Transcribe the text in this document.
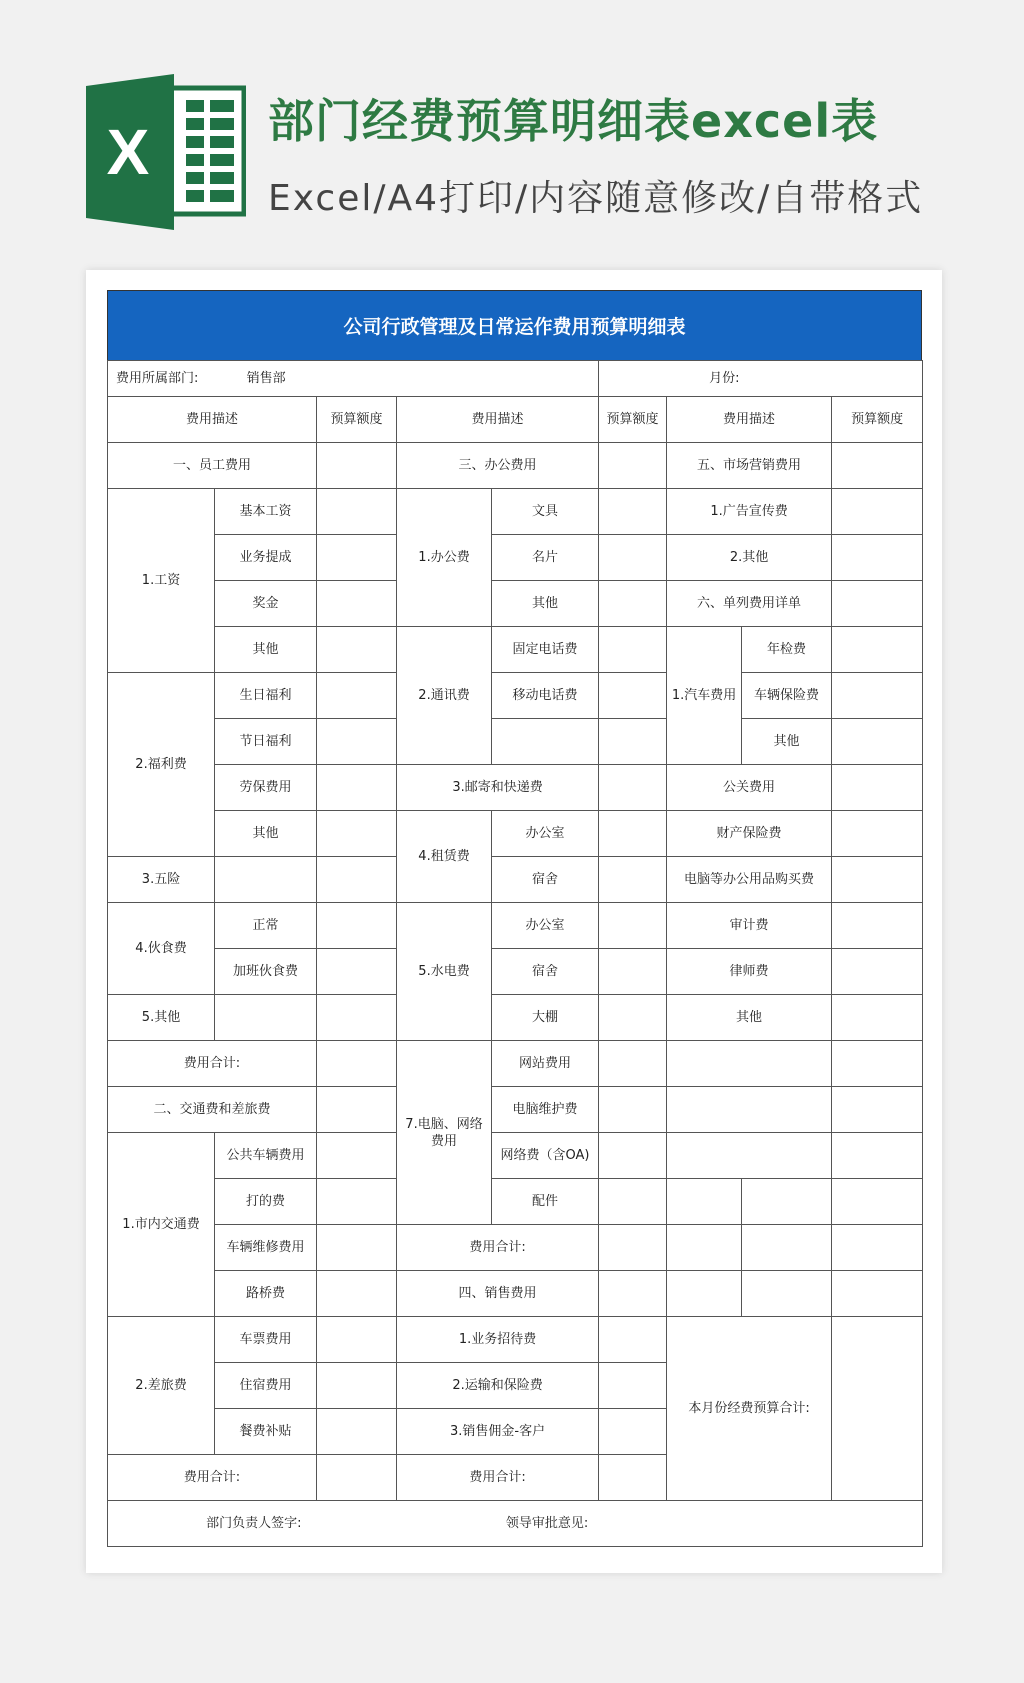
X	部门经费预算明细表excel表
Excel/A4打印/内容随意修改/自带格式
公司行政管理及日常运作费用预算明细表
费用所属部门: 销售部					月份:			
费用描述		预算额度	费用描述		预算额度	费用描述		预算额度
一、员工费用			三、办公费用			五、市场营销费用		
1.工资	基本工资		1.办公费	文具		1.广告宣传费		
	业务提成			名片		2.其他		
	奖金			其他		六、单列费用详单		
	其他		2.通讯费	固定电话费		1.汽车费用	年检费	
2.福利费	生日福利			移动电话费			车辆保险费	
	节日福利						其他	
	劳保费用		3.邮寄和快递费			公关费用		
	其他		4.租赁费	办公室		财产保险费		
3.五险				宿舍		电脑等办公用品购买费		
4.伙食费	正常		5.水电费	办公室		审计费		
	加班伙食费			宿舍		律师费		
5.其他				大棚		其他		
费用合计:			7.电脑、网络费用	网站费用				
二、交通费和差旅费				电脑维护费				
1.市内交通费	公共车辆费用			网络费（含OA)				
	打的费			配件				
	车辆维修费用		费用合计:					
	路桥费		四、销售费用					
2.差旅费	车票费用		1.业务招待费			本月份经费预算合计:		
	住宿费用		2.运输和保险费					
	餐费补贴		3.销售佣金-客户					
费用合计:			费用合计:					
部门负责人签字: 领导审批意见:								
